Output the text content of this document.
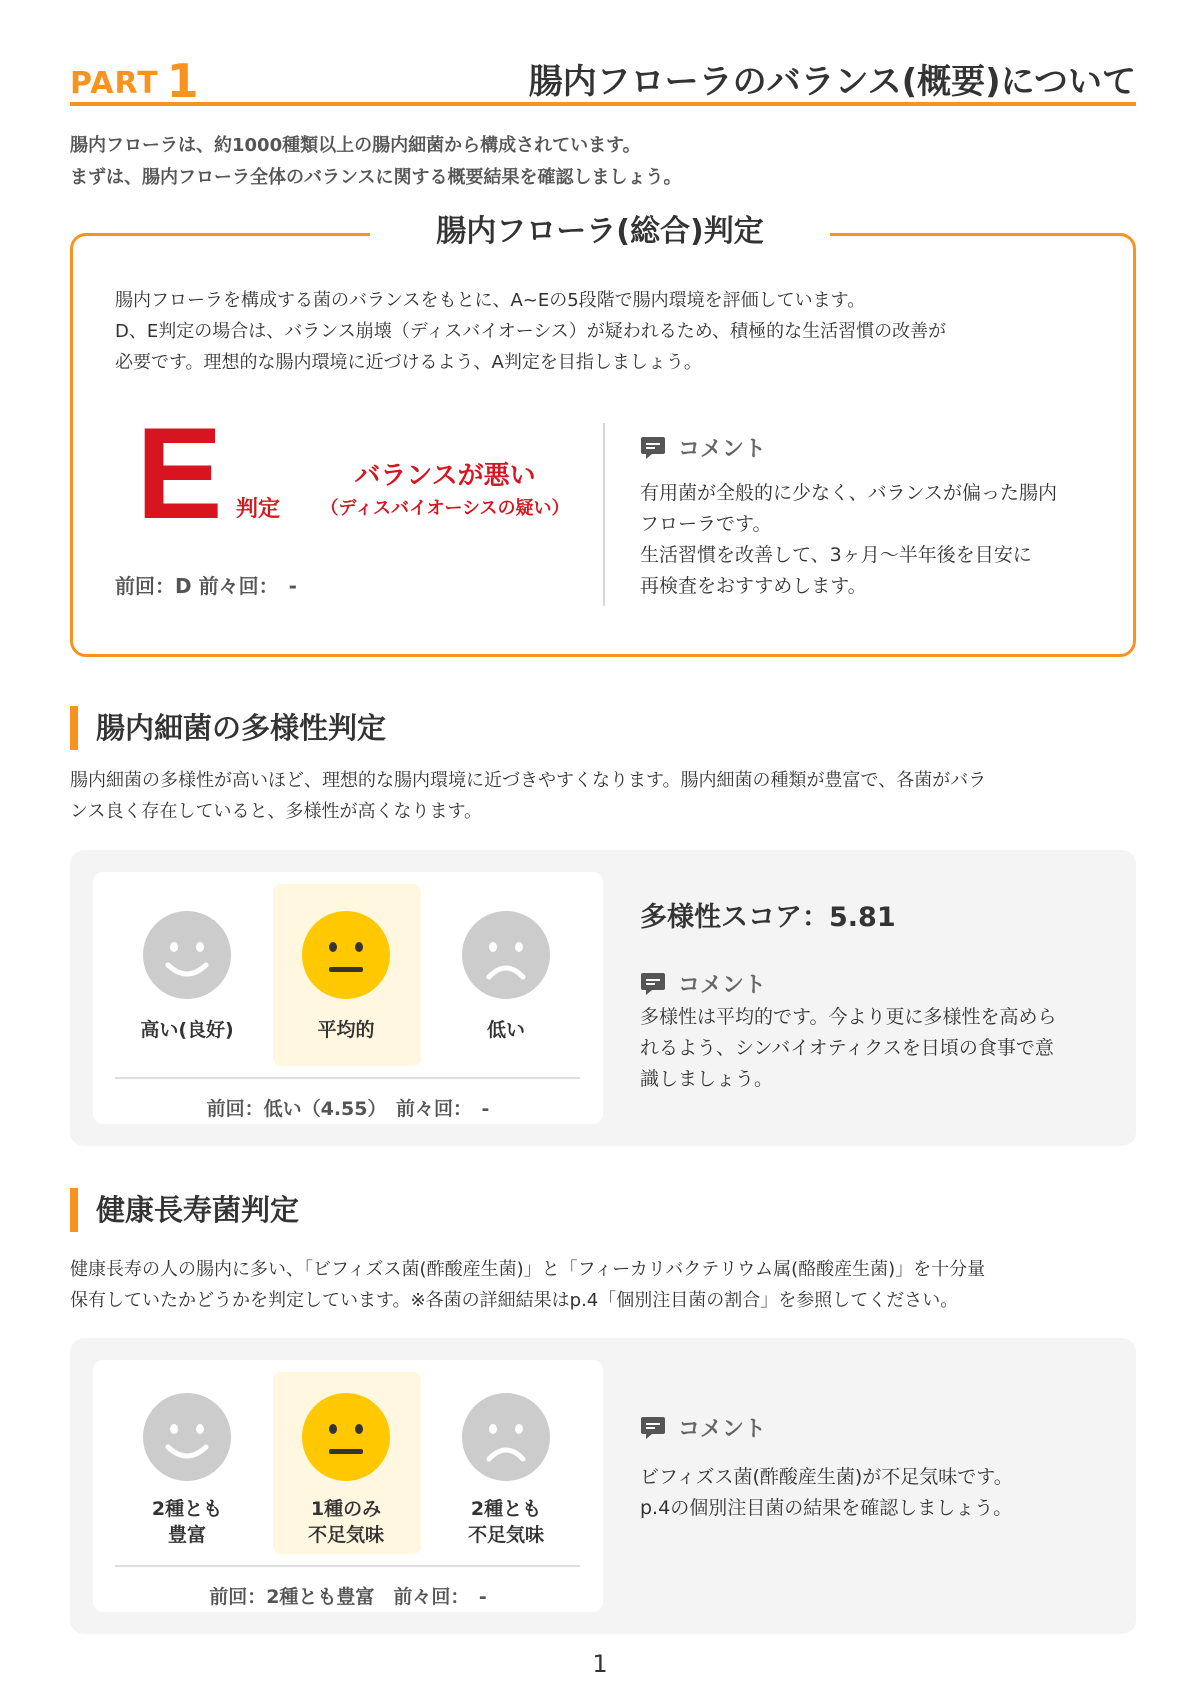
PART 1	腸内フローラのバランス(概要)について
腸内フローラは、約1000種類以上の腸内細菌から構成されています。
まずは、腸内フローラ全体のバランスに関する概要結果を確認しましょう。
腸内フローラ(総合)判定
腸内フローラを構成する菌のバランスをもとに、A~Eの5段階で腸内環境を評価しています。
D、E判定の場合は、バランス崩壊（ディスバイオーシス）が疑われるため、積極的な生活習慣の改善が
必要です。理想的な腸内環境に近づけるよう、A判定を目指しましょう。
E 判定
バランスが悪い
（ディスバイオーシスの疑い）
前回：D 前々回：　-
コメント
有用菌が全般的に少なく、バランスが偏った腸内
フローラです。
生活習慣を改善して、3ヶ月〜半年後を目安に
再検査をおすすめします。
腸内細菌の多様性判定
腸内細菌の多様性が高いほど、理想的な腸内環境に近づきやすくなります。腸内細菌の種類が豊富で、各菌がバラ
ンス良く存在していると、多様性が高くなります。
高い(良好)	平均的	低い
前回：低い（4.55）　前々回：　-
多様性スコア：5.81
コメント
多様性は平均的です。今より更に多様性を高めら
れるよう、シンバイオティクスを日頃の食事で意
識しましょう。
健康長寿菌判定
健康長寿の人の腸内に多い、「ビフィズス菌(酢酸産生菌)」と「フィーカリバクテリウム属(酪酸産生菌)」を十分量
保有していたかどうかを判定しています。※各菌の詳細結果はp.4「個別注目菌の割合」を参照してください。
2種とも
豊富
1種のみ
不足気味
2種とも
不足気味
前回：2種とも豊富　前々回：　-
コメント
ビフィズス菌(酢酸産生菌)が不足気味です。
p.4の個別注目菌の結果を確認しましょう。
1
